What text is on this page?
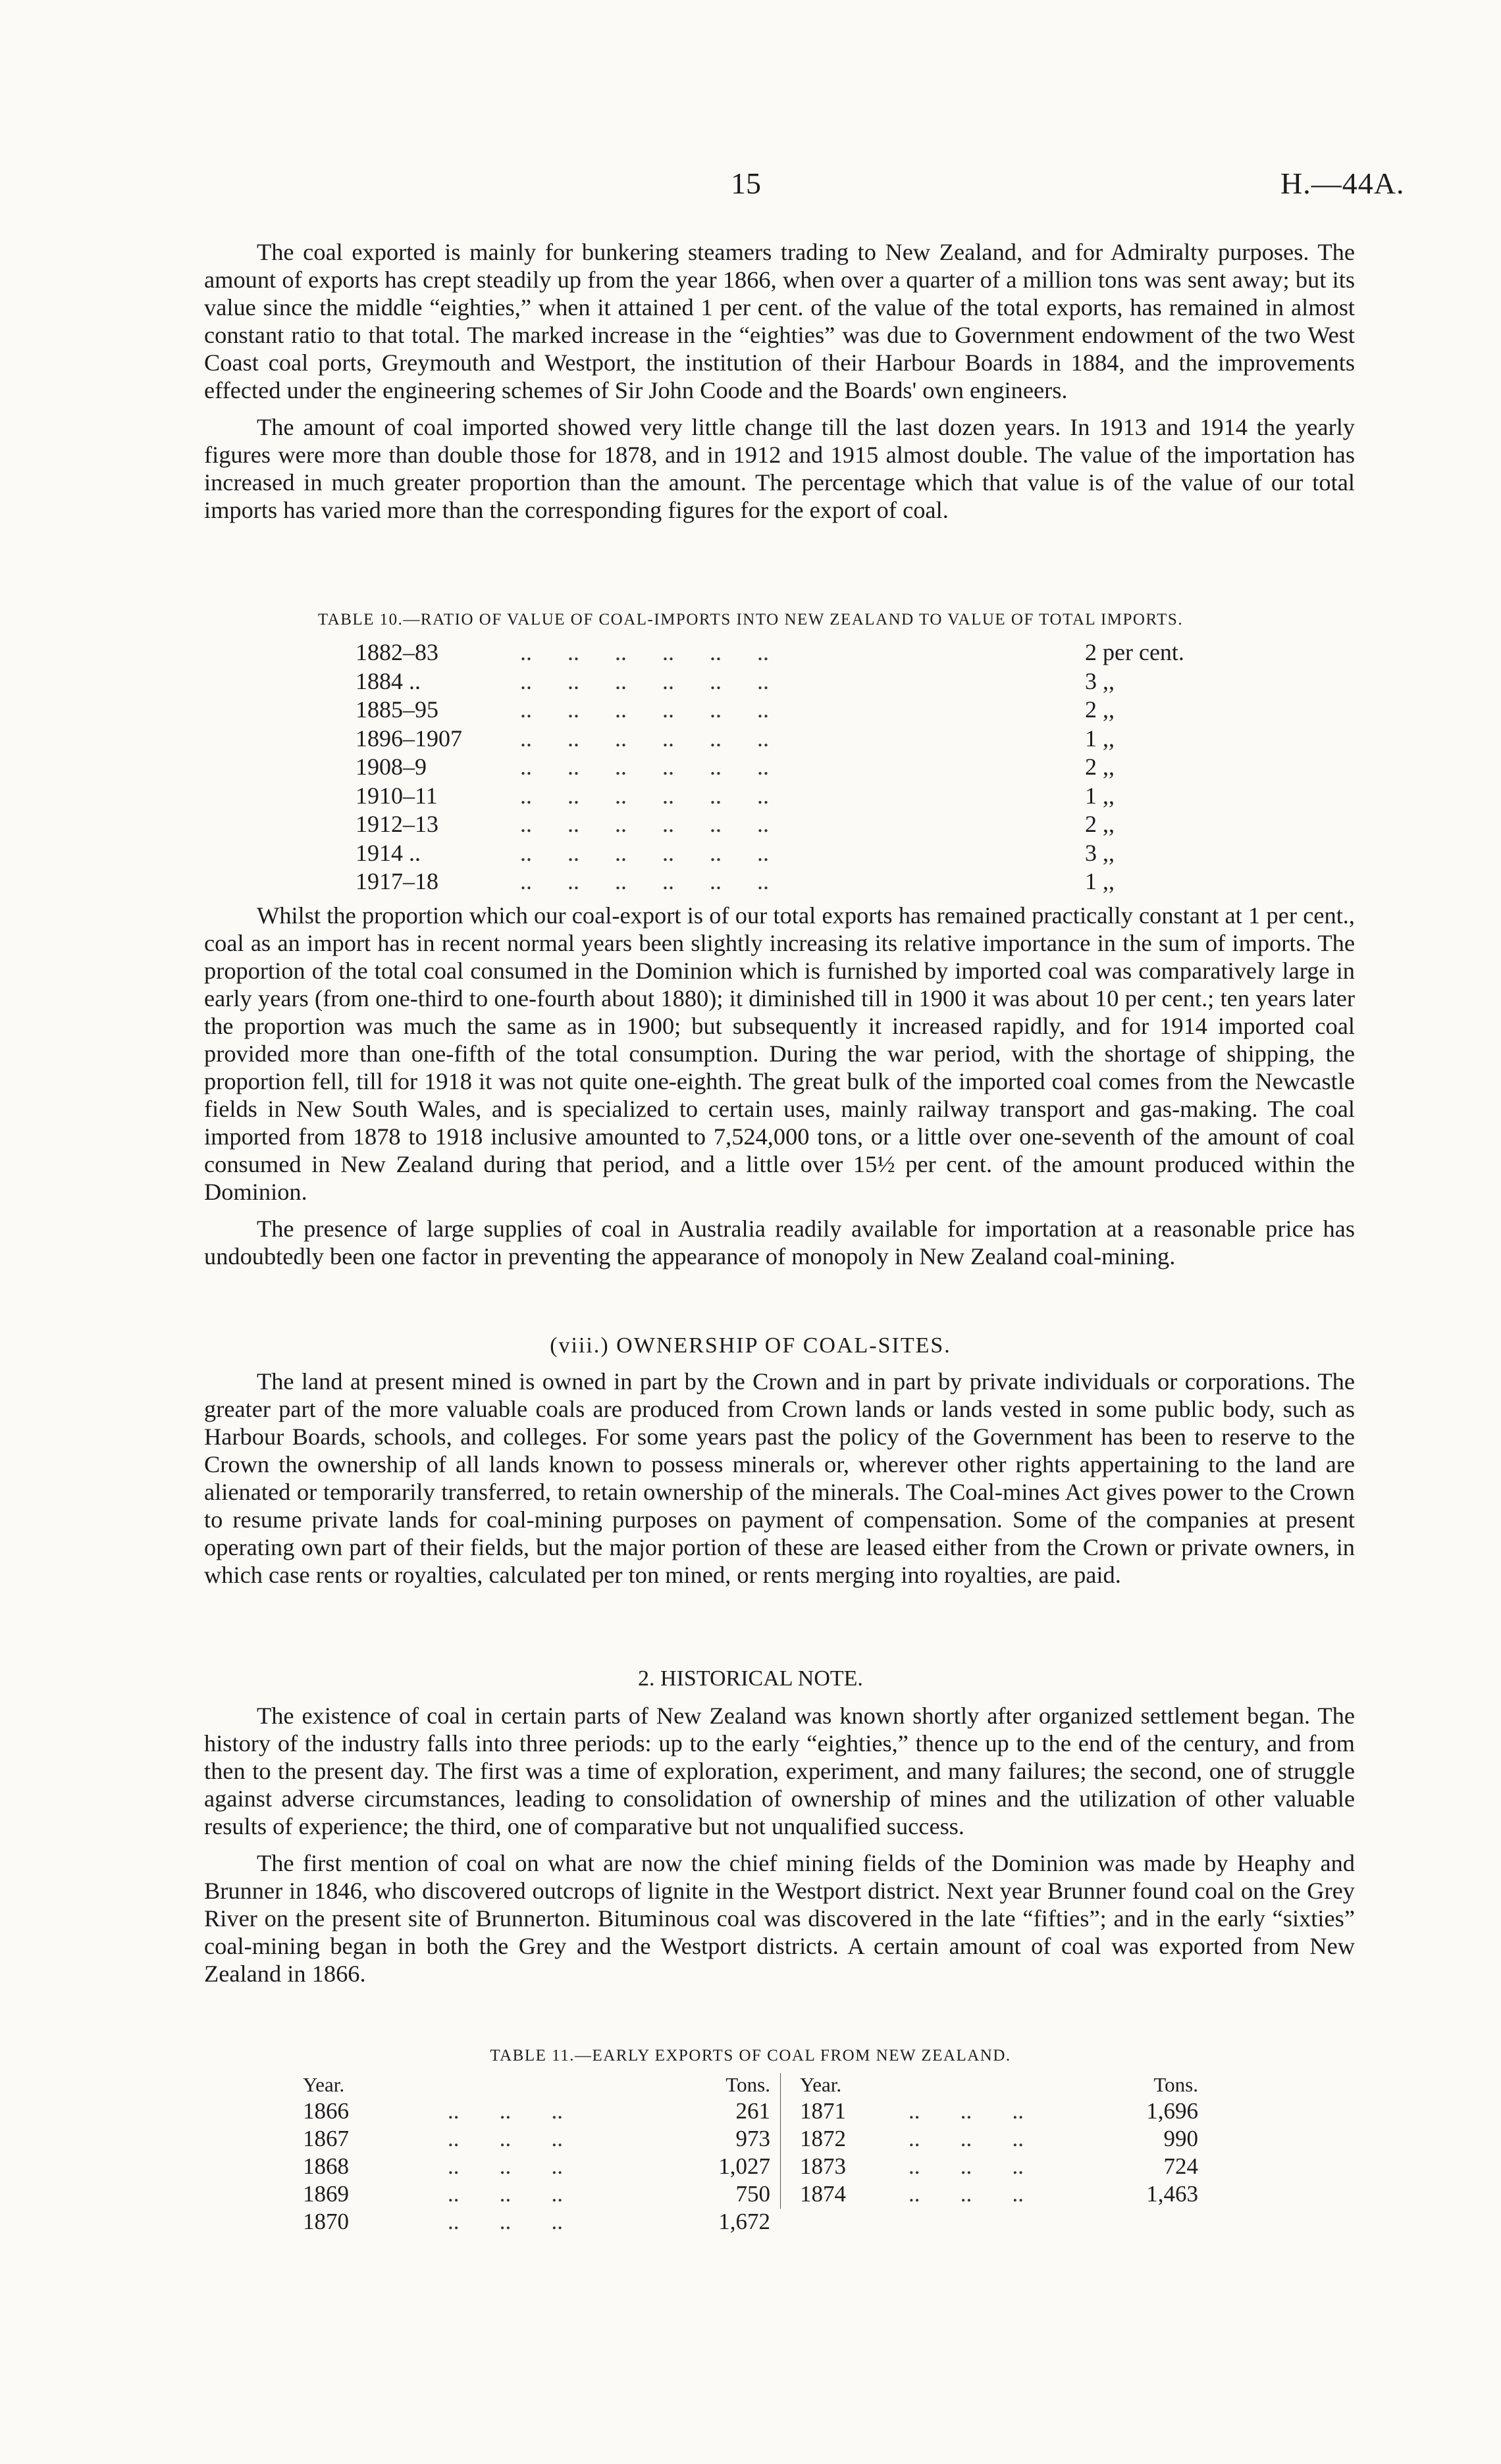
15	H.—44A.

The coal exported is mainly for bunkering steamers trading to New Zealand, and for Admiralty purposes. The amount of exports has crept steadily up from the year 1866, when over a quarter of a million tons was sent away; but its value since the middle “eighties,” when it attained 1 per cent. of the value of the total exports, has remained in almost constant ratio to that total. The marked increase in the “eighties” was due to Government endowment of the two West Coast coal ports, Greymouth and Westport, the institution of their Harbour Boards in 1884, and the improvements effected under the engineering schemes of Sir John Coode and the Boards' own engineers.

The amount of coal imported showed very little change till the last dozen years. In 1913 and 1914 the yearly figures were more than double those for 1878, and in 1912 and 1915 almost double. The value of the importation has increased in much greater proportion than the amount. The percentage which that value is of the value of our total imports has varied more than the corresponding figures for the export of coal.

TABLE 10.—RATIO OF VALUE OF COAL-IMPORTS INTO NEW ZEALAND TO VALUE OF TOTAL IMPORTS.
1882–83	..      ..      ..      ..      ..      ..	2 per cent.
1884 ..	..      ..      ..      ..      ..      ..	3 ,,
1885–95	..      ..      ..      ..      ..      ..	2 ,,
1896–1907 ..      ..      ..      ..      ..      ..	1 ,,
1908–9	..      ..      ..      ..      ..      ..	2 ,,
1910–11	..      ..      ..      ..      ..      ..	1 ,,
1912–13	..      ..      ..      ..      ..      ..	2 ,,
1914 ..	..      ..      ..      ..      ..      ..	3 ,,
1917–18	..      ..      ..      ..      ..      ..	1 ,,

Whilst the proportion which our coal-export is of our total exports has remained practically constant at 1 per cent., coal as an import has in recent normal years been slightly increasing its relative importance in the sum of imports. The proportion of the total coal consumed in the Dominion which is furnished by imported coal was comparatively large in early years (from one-third to one-fourth about 1880); it diminished till in 1900 it was about 10 per cent.; ten years later the proportion was much the same as in 1900; but subsequently it increased rapidly, and for 1914 imported coal provided more than one-fifth of the total consumption. During the war period, with the shortage of shipping, the proportion fell, till for 1918 it was not quite one-eighth. The great bulk of the imported coal comes from the Newcastle fields in New South Wales, and is specialized to certain uses, mainly railway transport and gas-making. The coal imported from 1878 to 1918 inclusive amounted to 7,524,000 tons, or a little over one-seventh of the amount of coal consumed in New Zealand during that period, and a little over 15½ per cent. of the amount produced within the Dominion.

The presence of large supplies of coal in Australia readily available for importation at a reasonable price has undoubtedly been one factor in preventing the appearance of monopoly in New Zealand coal-mining.

(viii.) OWNERSHIP OF COAL-SITES.

The land at present mined is owned in part by the Crown and in part by private individuals or corporations. The greater part of the more valuable coals are produced from Crown lands or lands vested in some public body, such as Harbour Boards, schools, and colleges. For some years past the policy of the Government has been to reserve to the Crown the ownership of all lands known to possess minerals or, wherever other rights appertaining to the land are alienated or temporarily transferred, to retain ownership of the minerals. The Coal-mines Act gives power to the Crown to resume private lands for coal-mining purposes on payment of compensation. Some of the companies at present operating own part of their fields, but the major portion of these are leased either from the Crown or private owners, in which case rents or royalties, calculated per ton mined, or rents merging into royalties, are paid.

2. HISTORICAL NOTE.

The existence of coal in certain parts of New Zealand was known shortly after organized settlement began. The history of the industry falls into three periods: up to the early “eighties,” thence up to the end of the century, and from then to the present day. The first was a time of exploration, experiment, and many failures; the second, one of struggle against adverse circumstances, leading to consolidation of ownership of mines and the utilization of other valuable results of experience; the third, one of comparative but not unqualified success.

The first mention of coal on what are now the chief mining fields of the Dominion was made by Heaphy and Brunner in 1846, who discovered outcrops of lignite in the Westport district. Next year Brunner found coal on the Grey River on the present site of Brunnerton. Bituminous coal was discovered in the late “fifties”; and in the early “sixties” coal-mining began in both the Grey and the Westport districts. A certain amount of coal was exported from New Zealand in 1866.

TABLE 11.—EARLY EXPORTS OF COAL FROM NEW ZEALAND.
Year.	Tons. Year.	Tons.
1866	..       ..       ..	261 1871	..       ..       ..	1,696
1867	..       ..       ..	973 1872	..       ..       ..	990
1868	..       ..       ..	1,027 1873	..       ..       ..	724
1869	..       ..       ..	750 1874	..       ..       ..	1,463
1870	..       ..       ..	1,672
